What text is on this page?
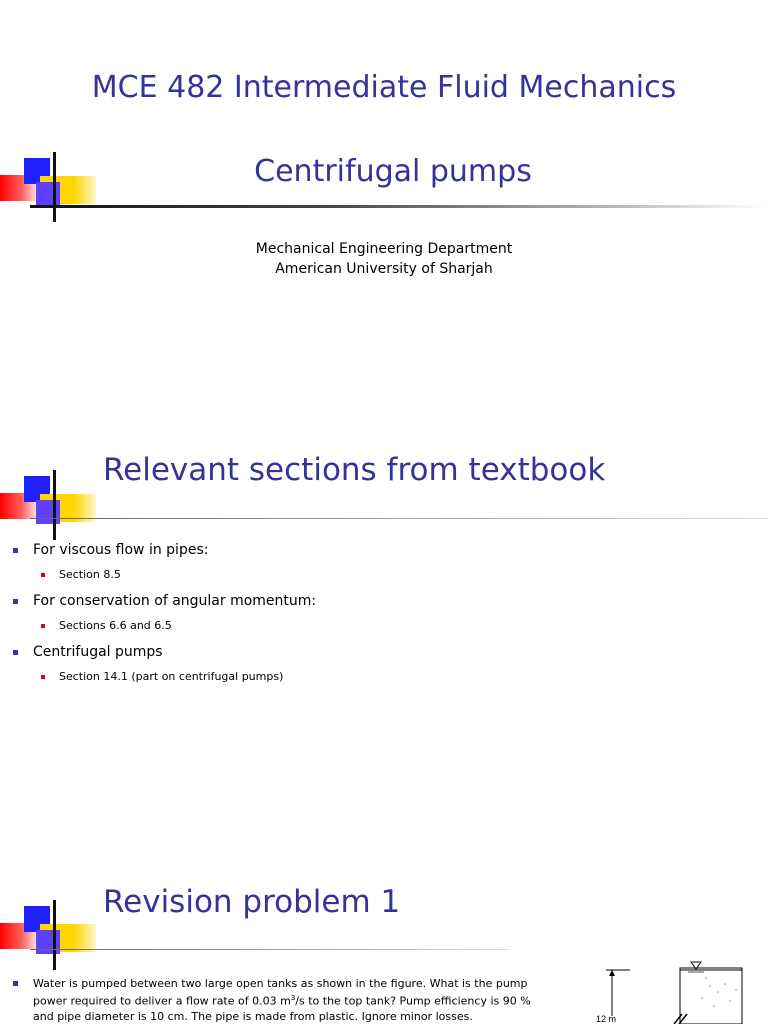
MCE 482 Intermediate Fluid Mechanics
Centrifugal pumps
Mechanical Engineering Department
American University of Sharjah
Relevant sections from textbook
For viscous flow in pipes:
Section 8.5
For conservation of angular momentum:
Sections 6.6 and 6.5
Centrifugal pumps
Section 14.1 (part on centrifugal pumps)
Revision problem 1
Water is pumped between two large open tanks as shown in the figure. What is the pump power required to deliver a flow rate of 0.03 $m^3/s$ to the top tank? Pump efficiency is 90 % and pipe diameter is 10 cm. The pipe is made from plastic. Ignore minor losses.	12 m
